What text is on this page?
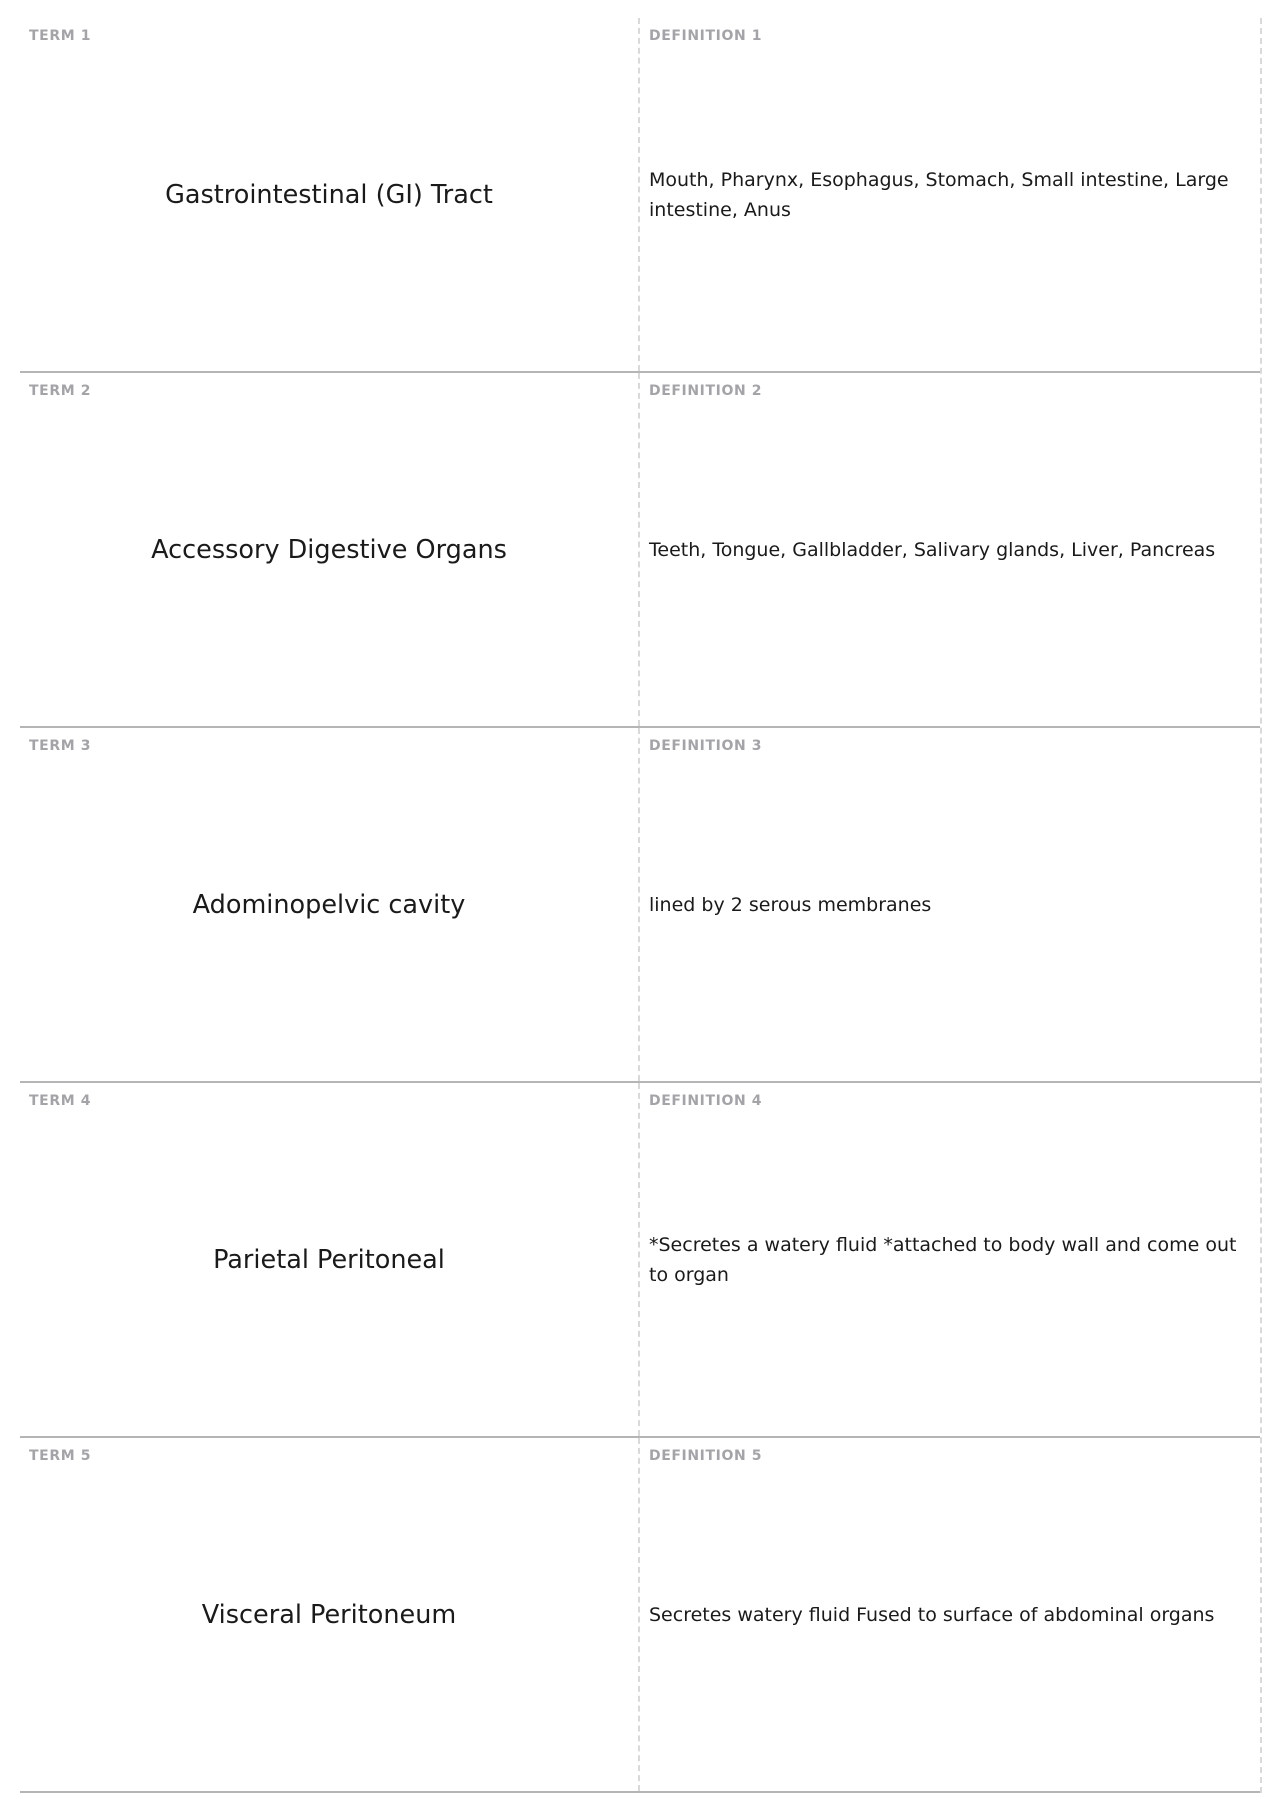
TERM 1
Gastrointestinal (GI) Tract
DEFINITION 1
Mouth, Pharynx, Esophagus, Stomach, Small intestine, Large intestine, Anus
TERM 2
Accessory Digestive Organs
DEFINITION 2
Teeth, Tongue, Gallbladder, Salivary glands, Liver, Pancreas
TERM 3
Adominopelvic cavity
DEFINITION 3
lined by 2 serous membranes
TERM 4
Parietal Peritoneal
DEFINITION 4
*Secretes a watery fluid *attached to body wall and come out to organ
TERM 5
Visceral Peritoneum
DEFINITION 5
Secretes watery fluid Fused to surface of abdominal organs
